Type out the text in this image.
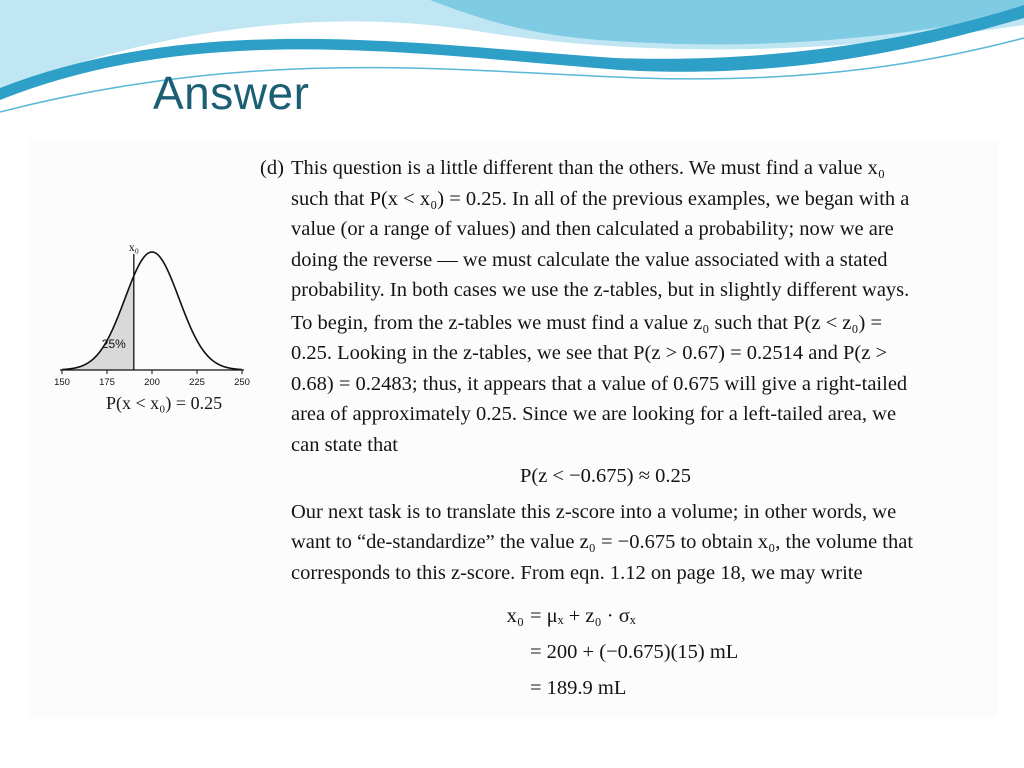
Answer
150	175	200	225	250
x₀
25%
P(x < x₀) = 0.25

(d) This question is a little different than the others. We must find a value x₀ such that P(x < x₀) = 0.25. In all of the previous examples, we began with a value (or a range of values) and then calculated a probability; now we are doing the reverse — we must calculate the value associated with a stated probability. In both cases we use the z-tables, but in slightly different ways.

To begin, from the z-tables we must find a value z₀ such that P(z < z₀) = 0.25. Looking in the z-tables, we see that P(z > 0.67) = 0.2514 and P(z > 0.68) = 0.2483; thus, it appears that a value of 0.675 will give a right-tailed area of approximately 0.25. Since we are looking for a left-tailed area, we can state that

P(z < −0.675) ≈ 0.25

Our next task is to translate this z-score into a volume; in other words, we want to “de-standardize” the value z₀ = −0.675 to obtain x₀, the volume that corresponds to this z-score. From eqn. 1.12 on page 18, we may write

x₀ = μₓ + z₀ · σₓ
= 200 + (−0.675)(15) mL
= 189.9 mL
